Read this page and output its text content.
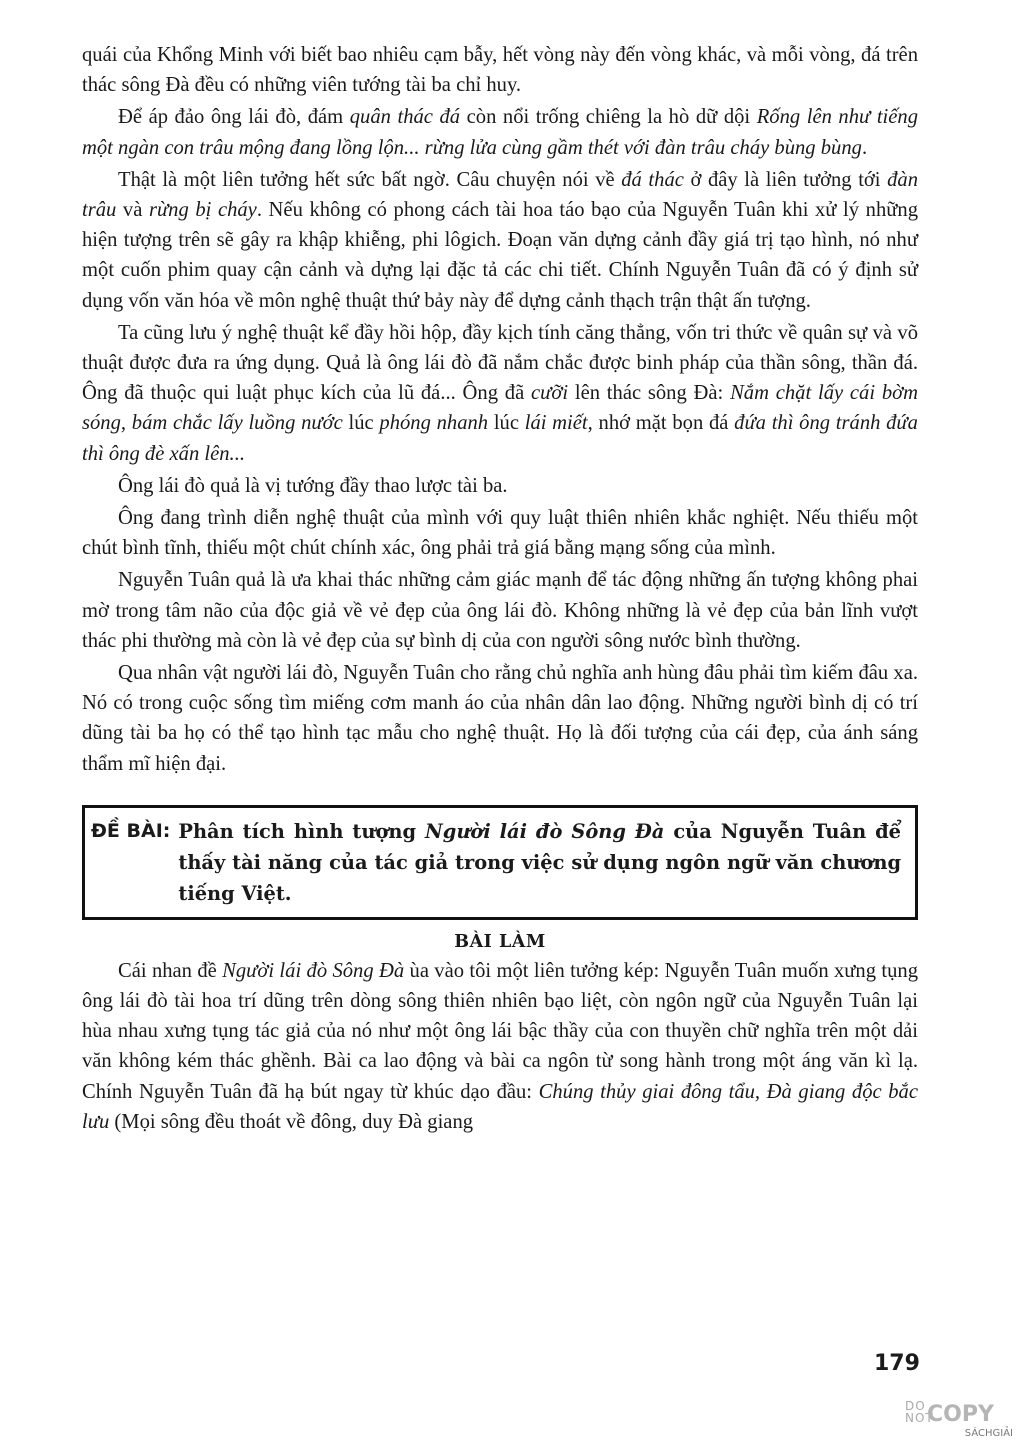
quái của Khổng Minh với biết bao nhiêu cạm bẫy, hết vòng này đến vòng khác, và mỗi vòng, đá trên thác sông Đà đều có những viên tướng tài ba chỉ huy.

Để áp đảo ông lái đò, đám quân thác đá còn nổi trống chiêng la hò dữ dội Rống lên như tiếng một ngàn con trâu mộng đang lồng lộn... rừng lửa cùng gầm thét với đàn trâu cháy bùng bùng.

Thật là một liên tưởng hết sức bất ngờ. Câu chuyện nói về đá thác ở đây là liên tưởng tới đàn trâu và rừng bị cháy. Nếu không có phong cách tài hoa táo bạo của Nguyễn Tuân khi xử lý những hiện tượng trên sẽ gây ra khập khiễng, phi lôgich. Đoạn văn dựng cảnh đầy giá trị tạo hình, nó như một cuốn phim quay cận cảnh và dựng lại đặc tả các chi tiết. Chính Nguyễn Tuân đã có ý định sử dụng vốn văn hóa về môn nghệ thuật thứ bảy này để dựng cảnh thạch trận thật ấn tượng.

Ta cũng lưu ý nghệ thuật kể đầy hồi hộp, đầy kịch tính căng thẳng, vốn tri thức về quân sự và võ thuật được đưa ra ứng dụng. Quả là ông lái đò đã nắm chắc được binh pháp của thần sông, thần đá. Ông đã thuộc qui luật phục kích của lũ đá... Ông đã cưỡi lên thác sông Đà: Nắm chặt lấy cái bờm sóng, bám chắc lấy luồng nước lúc phóng nhanh lúc lái miết, nhớ mặt bọn đá đứa thì ông tránh đứa thì ông đè xấn lên...

Ông lái đò quả là vị tướng đầy thao lược tài ba.

Ông đang trình diễn nghệ thuật của mình với quy luật thiên nhiên khắc nghiệt. Nếu thiếu một chút bình tĩnh, thiếu một chút chính xác, ông phải trả giá bằng mạng sống của mình.

Nguyễn Tuân quả là ưa khai thác những cảm giác mạnh để tác động những ấn tượng không phai mờ trong tâm não của độc giả về vẻ đẹp của ông lái đò. Không những là vẻ đẹp của bản lĩnh vượt thác phi thường mà còn là vẻ đẹp của sự bình dị của con người sông nước bình thường.

Qua nhân vật người lái đò, Nguyễn Tuân cho rằng chủ nghĩa anh hùng đâu phải tìm kiếm đâu xa. Nó có trong cuộc sống tìm miếng cơm manh áo của nhân dân lao động. Những người bình dị có trí dũng tài ba họ có thể tạo hình tạc mẫu cho nghệ thuật. Họ là đối tượng của cái đẹp, của ánh sáng thẩm mĩ hiện đại.

ĐỀ BÀI: Phân tích hình tượng Người lái đò Sông Đà của Nguyễn Tuân để thấy tài năng của tác giả trong việc sử dụng ngôn ngữ văn chương tiếng Việt.
BÀI LÀM

Cái nhan đề Người lái đò Sông Đà ùa vào tôi một liên tưởng kép: Nguyễn Tuân muốn xưng tụng ông lái đò tài hoa trí dũng trên dòng sông thiên nhiên bạo liệt, còn ngôn ngữ của Nguyễn Tuân lại hùa nhau xưng tụng tác giả của nó như một ông lái bậc thầy của con thuyền chữ nghĩa trên một dải văn không kém thác ghềnh. Bài ca lao động và bài ca ngôn từ song hành trong một áng văn kì lạ. Chính Nguyễn Tuân đã hạ bút ngay từ khúc dạo đầu: Chúng thủy giai đông tẩu, Đà giang độc bắc lưu (Mọi sông đều thoát về đông, duy Đà giang

179
DO
NOT
COPY
SÁCHGIẢI
